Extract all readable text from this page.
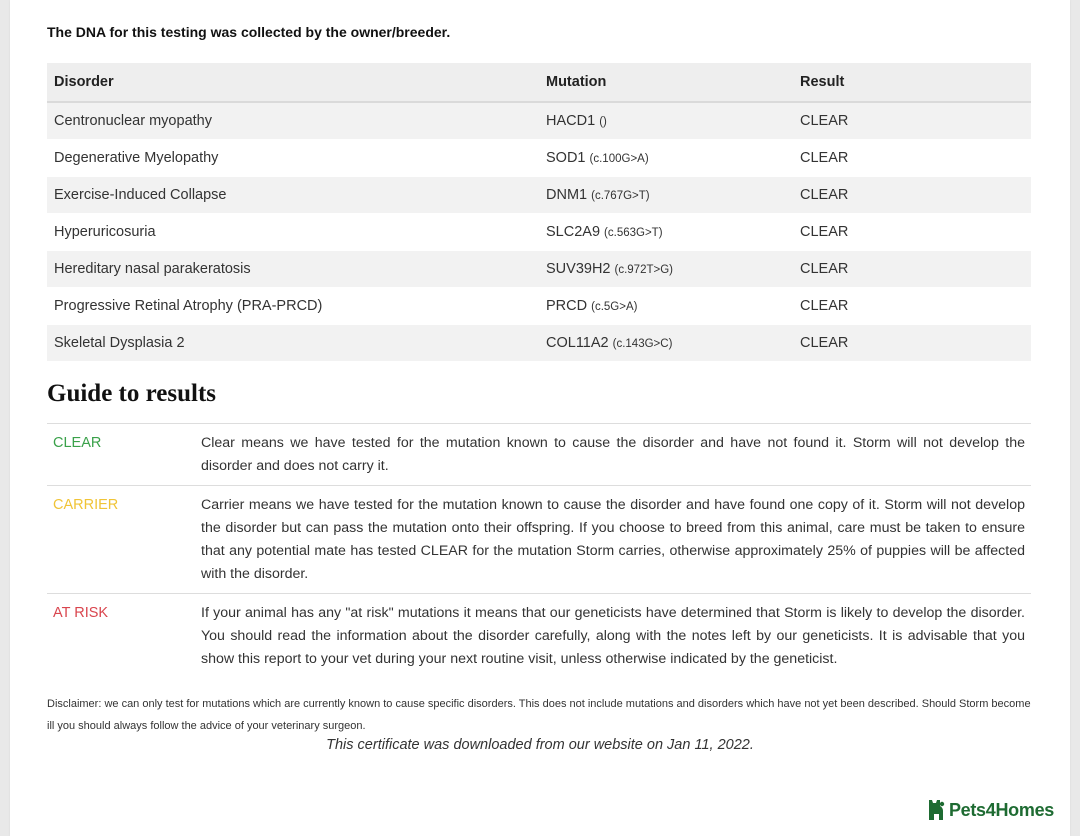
The DNA for this testing was collected by the owner/breeder.
Disorder	Mutation	Result
Centronuclear myopathy	HACD1 ()	CLEAR
Degenerative Myelopathy	SOD1 (c.100G>A)	CLEAR
Exercise-Induced Collapse	DNM1 (c.767G>T)	CLEAR
Hyperuricosuria	SLC2A9 (c.563G>T)	CLEAR
Hereditary nasal parakeratosis	SUV39H2 (c.972T>G)	CLEAR
Progressive Retinal Atrophy (PRA-PRCD)	PRCD (c.5G>A)	CLEAR
Skeletal Dysplasia 2	COL11A2 (c.143G>C)	CLEAR
Guide to results
CLEAR	Clear means we have tested for the mutation known to cause the disorder and have not found it. Storm will not develop the disorder and does not carry it.
CARRIER	Carrier means we have tested for the mutation known to cause the disorder and have found one copy of it. Storm will not develop the disorder but can pass the mutation onto their offspring. If you choose to breed from this animal, care must be taken to ensure that any potential mate has tested CLEAR for the mutation Storm carries, otherwise approximately 25% of puppies will be affected with the disorder.
AT RISK	If your animal has any "at risk" mutations it means that our geneticists have determined that Storm is likely to develop the disorder. You should read the information about the disorder carefully, along with the notes left by our geneticists. It is advisable that you show this report to your vet during your next routine visit, unless otherwise indicated by the geneticist.
Disclaimer: we can only test for mutations which are currently known to cause specific disorders. This does not include mutations and disorders which have not yet been described. Should Storm become ill you should always follow the advice of your veterinary surgeon.
This certificate was downloaded from our website on Jan 11, 2022.
Pets4Homes
